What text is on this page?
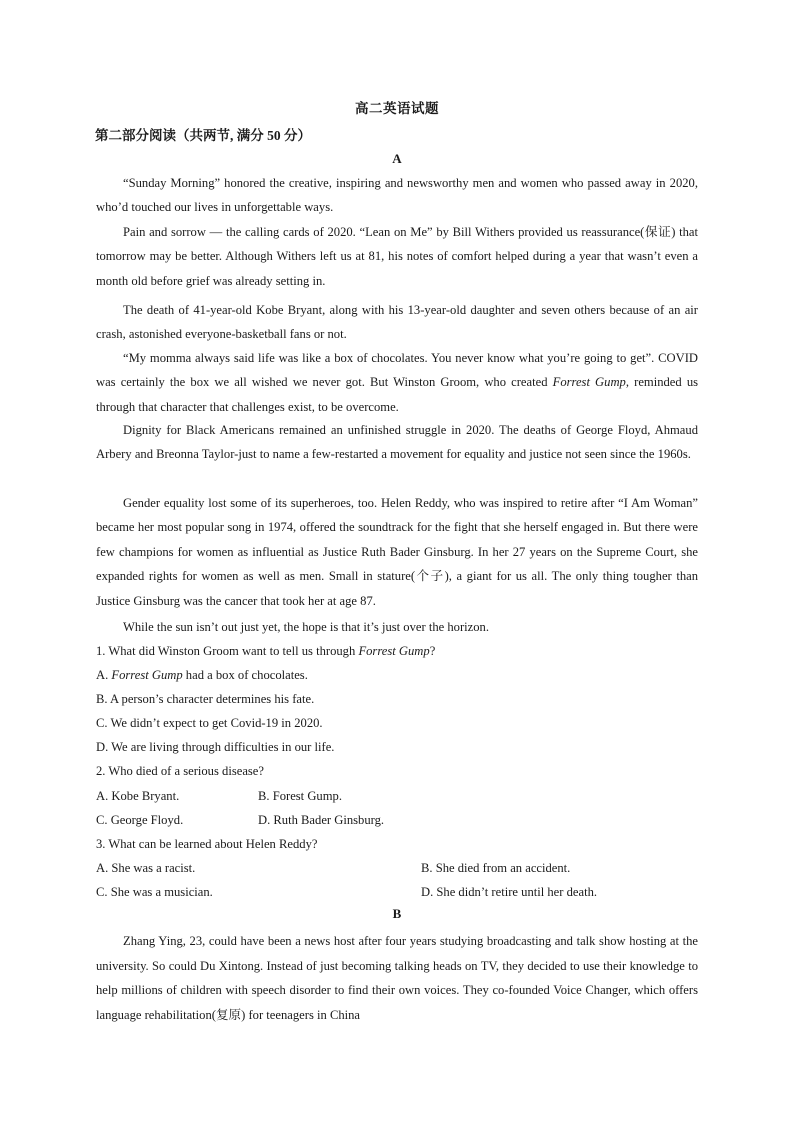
高二英语试题
第二部分阅读（共两节, 满分 50 分）
A

“Sunday Morning” honored the creative, inspiring and newsworthy men and women who passed away in 2020, who’d touched our lives in unforgettable ways.

Pain and sorrow — the calling cards of 2020. “Lean on Me” by Bill Withers provided us reassurance(保证) that tomorrow may be better. Although Withers left us at 81, his notes of comfort helped during a year that wasn’t even a month old before grief was already setting in.

The death of 41-year-old Kobe Bryant, along with his 13-year-old daughter and seven others because of an air crash, astonished everyone-basketball fans or not.

“My momma always said life was like a box of chocolates. You never know what you’re going to get”. COVID was certainly the box we all wished we never got. But Winston Groom, who created Forrest Gump, reminded us through that character that challenges exist, to be overcome.

Dignity for Black Americans remained an unfinished struggle in 2020. The deaths of George Floyd, Ahmaud Arbery and Breonna Taylor-just to name a few-restarted a movement for equality and justice not seen since the 1960s.

Gender equality lost some of its superheroes, too. Helen Reddy, who was inspired to retire after “I Am Woman” became her most popular song in 1974, offered the soundtrack for the fight that she herself engaged in. But there were few champions for women as influential as Justice Ruth Bader Ginsburg. In her 27 years on the Supreme Court, she expanded rights for women as well as men. Small in stature(个子), a giant for us all. The only thing tougher than Justice Ginsburg was the cancer that took her at age 87.

While the sun isn’t out just yet, the hope is that it’s just over the horizon.

1. What did Winston Groom want to tell us through Forrest Gump?
A. Forrest Gump had a box of chocolates.
B. A person’s character determines his fate.
C. We didn’t expect to get Covid-19 in 2020.
D. We are living through difficulties in our life.
2. Who died of a serious disease?
A. Kobe Bryant.	B. Forest Gump.
C. George Floyd.	D. Ruth Bader Ginsburg.
3. What can be learned about Helen Reddy?
A. She was a racist.	B. She died from an accident.
C. She was a musician.	D. She didn’t retire until her death.
B

Zhang Ying, 23, could have been a news host after four years studying broadcasting and talk show hosting at the university. So could Du Xintong. Instead of just becoming talking heads on TV, they decided to use their knowledge to help millions of children with speech disorder to find their own voices. They co-founded Voice Changer, which offers language rehabilitation(复原) for teenagers in China
